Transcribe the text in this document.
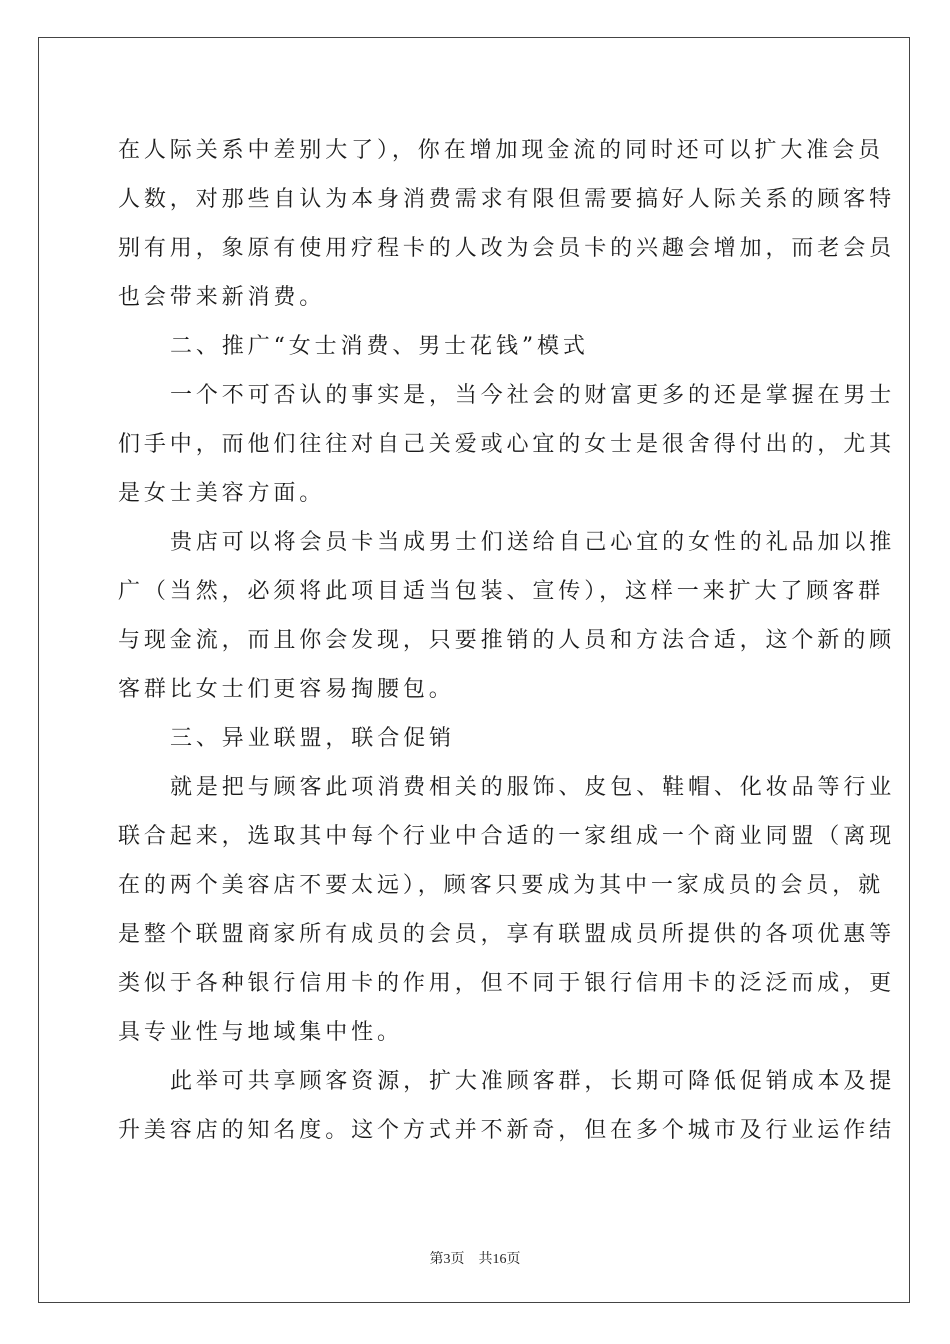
在人际关系中差别大了），你在增加现金流的同时还可以扩大准会员
人数，对那些自认为本身消费需求有限但需要搞好人际关系的顾客特
别有用，象原有使用疗程卡的人改为会员卡的兴趣会增加，而老会员
也会带来新消费。
二、推广“女士消费、男士花钱”模式
一个不可否认的事实是，当今社会的财富更多的还是掌握在男士
们手中，而他们往往对自己关爱或心宜的女士是很舍得付出的，尤其
是女士美容方面。
贵店可以将会员卡当成男士们送给自己心宜的女性的礼品加以推
广（当然，必须将此项目适当包装、宣传），这样一来扩大了顾客群
与现金流，而且你会发现，只要推销的人员和方法合适，这个新的顾
客群比女士们更容易掏腰包。
三、异业联盟，联合促销
就是把与顾客此项消费相关的服饰、皮包、鞋帽、化妆品等行业
联合起来，选取其中每个行业中合适的一家组成一个商业同盟（离现
在的两个美容店不要太远），顾客只要成为其中一家成员的会员，就
是整个联盟商家所有成员的会员，享有联盟成员所提供的各项优惠等
类似于各种银行信用卡的作用，但不同于银行信用卡的泛泛而成，更
具专业性与地域集中性。
此举可共享顾客资源，扩大准顾客群，长期可降低促销成本及提
升美容店的知名度。这个方式并不新奇，但在多个城市及行业运作结
第3页 共16页
